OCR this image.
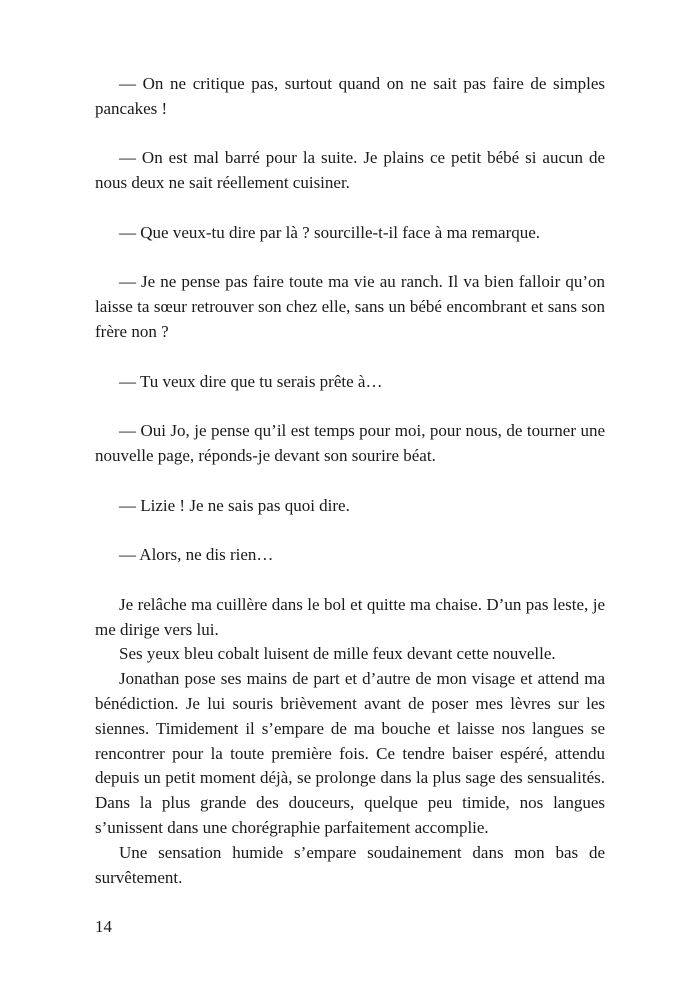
— On ne critique pas, surtout quand on ne sait pas faire de simples pancakes !

— On est mal barré pour la suite. Je plains ce petit bébé si aucun de nous deux ne sait réellement cuisiner.

— Que veux-tu dire par là ? sourcille-t-il face à ma remarque.

— Je ne pense pas faire toute ma vie au ranch. Il va bien falloir qu’on laisse ta sœur retrouver son chez elle, sans un bébé encombrant et sans son frère non ?

— Tu veux dire que tu serais prête à…

— Oui Jo, je pense qu’il est temps pour moi, pour nous, de tourner une nouvelle page, réponds-je devant son sourire béat.

— Lizie ! Je ne sais pas quoi dire.

— Alors, ne dis rien…

Je relâche ma cuillère dans le bol et quitte ma chaise. D’un pas leste, je me dirige vers lui.

Ses yeux bleu cobalt luisent de mille feux devant cette nouvelle.

Jonathan pose ses mains de part et d’autre de mon visage et attend ma bénédiction. Je lui souris brièvement avant de poser mes lèvres sur les siennes. Timidement il s’empare de ma bouche et laisse nos langues se rencontrer pour la toute première fois. Ce tendre baiser espéré, attendu depuis un petit moment déjà, se prolonge dans la plus sage des sensualités. Dans la plus grande des douceurs, quelque peu timide, nos langues s’unissent dans une chorégraphie parfaitement accomplie.

Une sensation humide s’empare soudainement dans mon bas de survêtement.

14
